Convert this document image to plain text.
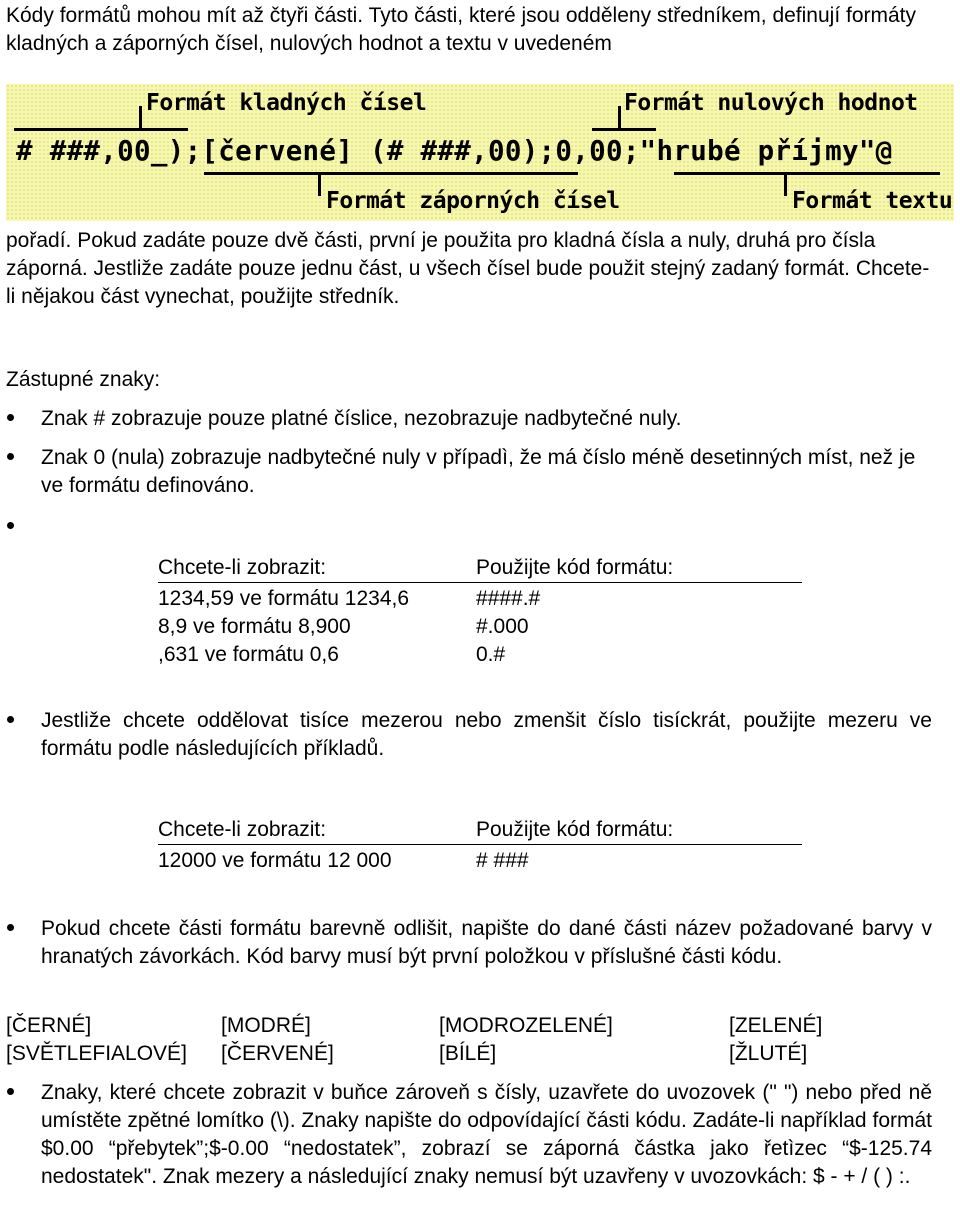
Kódy formátů mohou mít až čtyři části. Tyto části, které jsou odděleny středníkem, definují formáty kladných a záporných čísel, nulových hodnot a textu v uvedeném

Formát kladných čísel	Formát nulových hodnot
# ###,00_);[červené] (# ###,00);0,00;"hrubé příjmy"@
Formát záporných čísel	Formát textu

pořadí. Pokud zadáte pouze dvě části, první je použita pro kladná čísla a nuly, druhá pro čísla záporná. Jestliže zadáte pouze jednu část, u všech čísel bude použit stejný zadaný formát. Chcete-li nějakou část vynechat, použijte středník.

Zástupné znaky:

Znak # zobrazuje pouze platné číslice, nezobrazuje nadbytečné nuly.
Znak 0 (nula) zobrazuje nadbytečné nuly v případì, že má číslo méně desetinných míst, než je ve formátu definováno.
Chcete-li zobrazit:	Použijte kód formátu:
1234,59 ve formátu 1234,6	####.#
8,9 ve formátu 8,900	#.000
,631 ve formátu 0,6	0.#
Jestliže chcete oddělovat tisíce mezerou nebo zmenšit číslo tisíckrát, použijte mezeru ve formátu podle následujících příkladů.
Chcete-li zobrazit:	Použijte kód formátu:
12000 ve formátu 12 000	# ###
Pokud chcete části formátu barevně odlišit, napište do dané části název požadované barvy v hranatých závorkách. Kód barvy musí být první položkou v příslušné části kódu.
[ČERNÉ]	[MODRÉ]	[MODROZELENÉ]	[ZELENÉ]
[SVĚTLEFIALOVÉ] [ČERVENÉ]	[BÍLÉ]	[ŽLUTÉ]
Znaky, které chcete zobrazit v buňce zároveň s čísly, uzavřete do uvozovek (" ") nebo před ně umístěte zpětné lomítko (\). Znaky napište do odpovídající části kódu. Zadáte-li například formát $0.00 “přebytek”;$-0.00 “nedostatek”, zobrazí se záporná částka jako řetìzec “$-125.74 nedostatek". Znak mezery a následující znaky nemusí být uzavřeny v uvozovkách: $ - + / ( ) :.
